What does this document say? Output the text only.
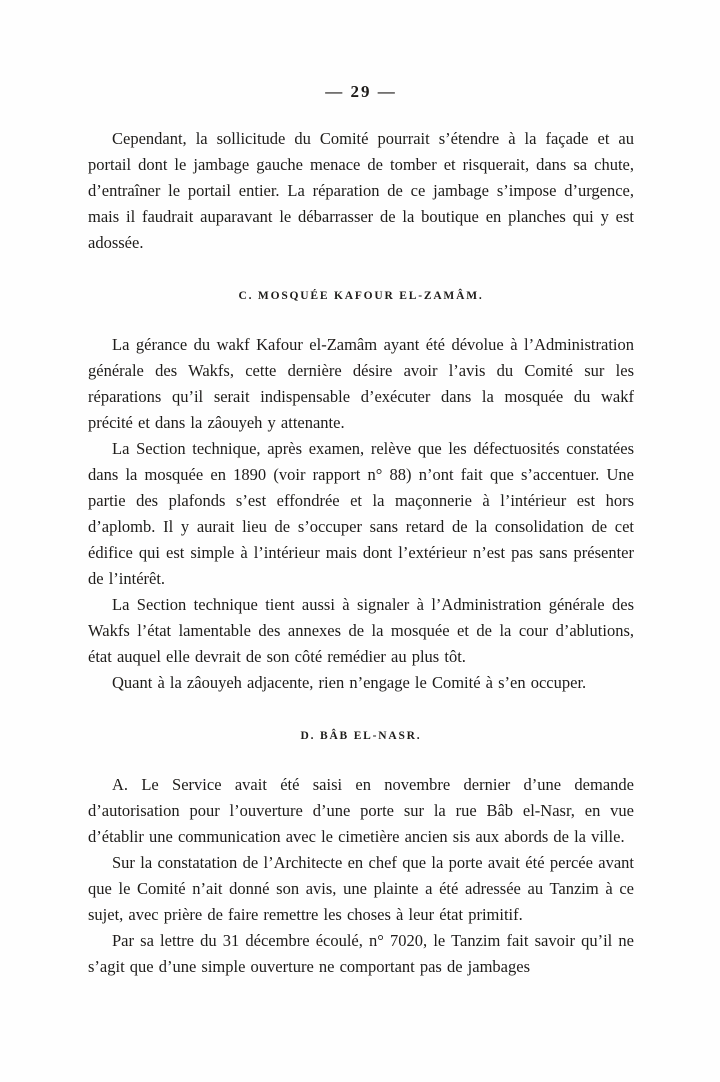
— 29 —

Cependant, la sollicitude du Comité pourrait s’étendre à la façade et au portail dont le jambage gauche menace de tomber et risquerait, dans sa chute, d’entraîner le portail entier. La réparation de ce jambage s’impose d’urgence, mais il faudrait auparavant le débarrasser de la boutique en planches qui y est adossée.

C. MOSQUÉE KAFOUR EL-ZAMÂM.

La gérance du wakf Kafour el-Zamâm ayant été dévolue à l’Administration générale des Wakfs, cette dernière désire avoir l’avis du Comité sur les réparations qu’il serait indispensable d’exécuter dans la mosquée du wakf précité et dans la zâouyeh y attenante.

La Section technique, après examen, relève que les défectuosités constatées dans la mosquée en 1890 (voir rapport n° 88) n’ont fait que s’accentuer. Une partie des plafonds s’est effondrée et la maçonnerie à l’intérieur est hors d’aplomb. Il y aurait lieu de s’occuper sans retard de la consolidation de cet édifice qui est simple à l’intérieur mais dont l’extérieur n’est pas sans présenter de l’intérêt.

La Section technique tient aussi à signaler à l’Administration générale des Wakfs l’état lamentable des annexes de la mosquée et de la cour d’ablutions, état auquel elle devrait de son côté remédier au plus tôt.

Quant à la zâouyeh adjacente, rien n’engage le Comité à s’en occuper.

D. BÂB EL-NASR.

A. Le Service avait été saisi en novembre dernier d’une demande d’autorisation pour l’ouverture d’une porte sur la rue Bâb el-Nasr, en vue d’établir une communication avec le cimetière ancien sis aux abords de la ville.

Sur la constatation de l’Architecte en chef que la porte avait été percée avant que le Comité n’ait donné son avis, une plainte a été adressée au Tanzim à ce sujet, avec prière de faire remettre les choses à leur état primitif.

Par sa lettre du 31 décembre écoulé, n° 7020, le Tanzim fait savoir qu’il ne s’agit que d’une simple ouverture ne comportant pas de jambages
